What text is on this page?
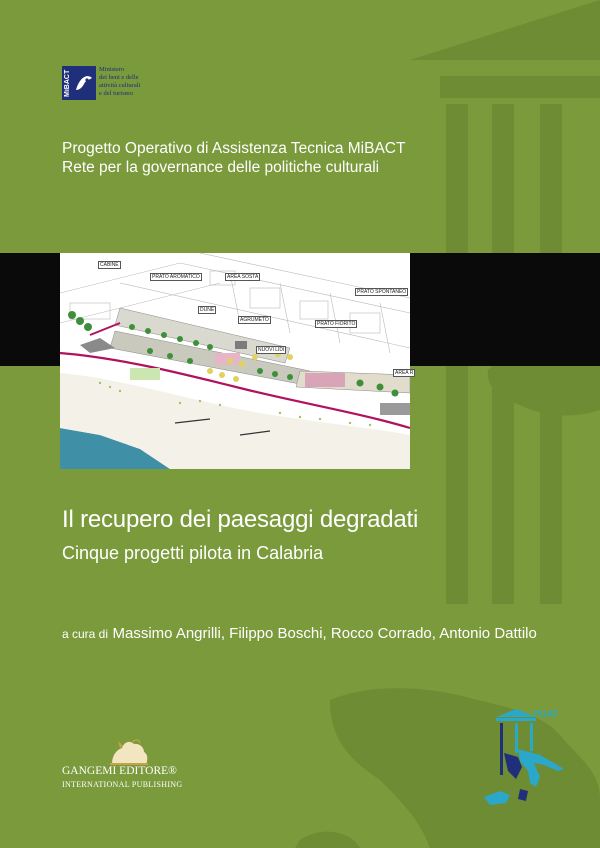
MiBACT
Ministero
dei beni e delle
attività culturali
e del turismo
Progetto Operativo di Assistenza Tecnica MiBACT
Rete per la governance delle politiche culturali
CABINE
PRATO AROMATICO	AREA SOSTA
PRATO SPONTANEO
DUNE
AGRUMETO
PRATO FIORITO
NUOVI LIDI
AREA R
Il recupero dei paesaggi degradati
Cinque progetti pilota in Calabria
a cura di Massimo Angrilli, Filippo Boschi, Rocco Corrado, Antonio Dattilo
GANGEMI EDITORE®
INTERNATIONAL PUBLISHING
POAT
